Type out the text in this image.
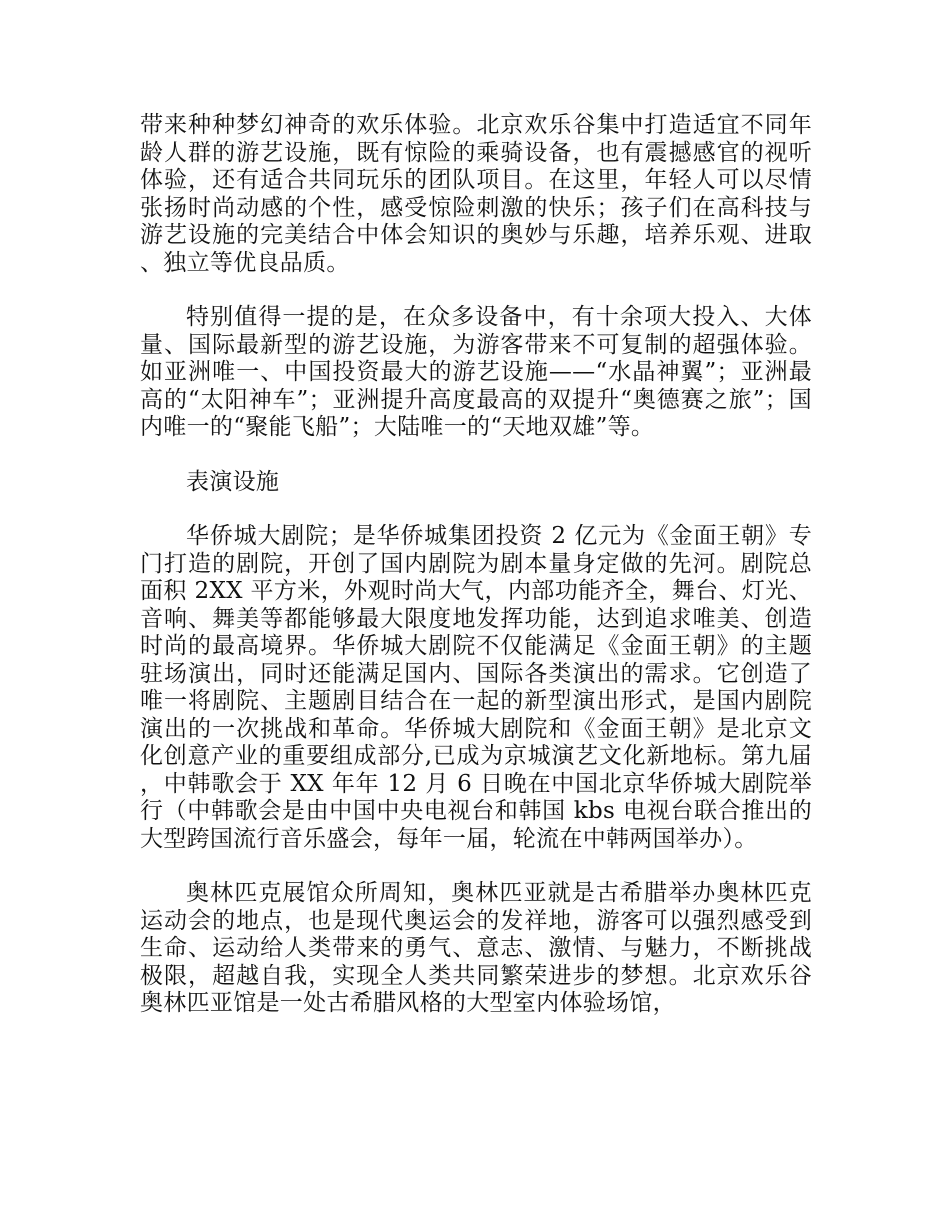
带来种种梦幻神奇的欢乐体验。北京欢乐谷集中打造适宜不同年龄人群的游艺设施，既有惊险的乘骑设备，也有震撼感官的视听体验，还有适合共同玩乐的团队项目。在这里，年轻人可以尽情张扬时尚动感的个性，感受惊险刺激的快乐；孩子们在高科技与游艺设施的完美结合中体会知识的奥妙与乐趣，培养乐观、进取、独立等优良品质。

特别值得一提的是，在众多设备中，有十余项大投入、大体量、国际最新型的游艺设施，为游客带来不可复制的超强体验。如亚洲唯一、中国投资最大的游艺设施——“水晶神翼”；亚洲最高的“太阳神车”；亚洲提升高度最高的双提升“奥德赛之旅”；国内唯一的“聚能飞船”；大陆唯一的“天地双雄”等。

表演设施

华侨城大剧院；是华侨城集团投资 2 亿元为《金面王朝》专门打造的剧院，开创了国内剧院为剧本量身定做的先河。剧院总面积 2XX 平方米，外观时尚大气，内部功能齐全，舞台、灯光、音响、舞美等都能够最大限度地发挥功能，达到追求唯美、创造时尚的最高境界。华侨城大剧院不仅能满足《金面王朝》的主题驻场演出，同时还能满足国内、国际各类演出的需求。它创造了唯一将剧院、主题剧目结合在一起的新型演出形式，是国内剧院演出的一次挑战和革命。华侨城大剧院和《金面王朝》是北京文化创意产业的重要组成部分,已成为京城演艺文化新地标。第九届，中韩歌会于 XX 年年 12 月 6 日晚在中国北京华侨城大剧院举行（中韩歌会是由中国中央电视台和韩国 kbs 电视台联合推出的大型跨国流行音乐盛会，每年一届，轮流在中韩两国举办）。

奥林匹克展馆众所周知，奥林匹亚就是古希腊举办奥林匹克运动会的地点，也是现代奥运会的发祥地，游客可以强烈感受到生命、运动给人类带来的勇气、意志、激情、与魅力，不断挑战极限，超越自我，实现全人类共同繁荣进步的梦想。北京欢乐谷奥林匹亚馆是一处古希腊风格的大型室内体验场馆，
